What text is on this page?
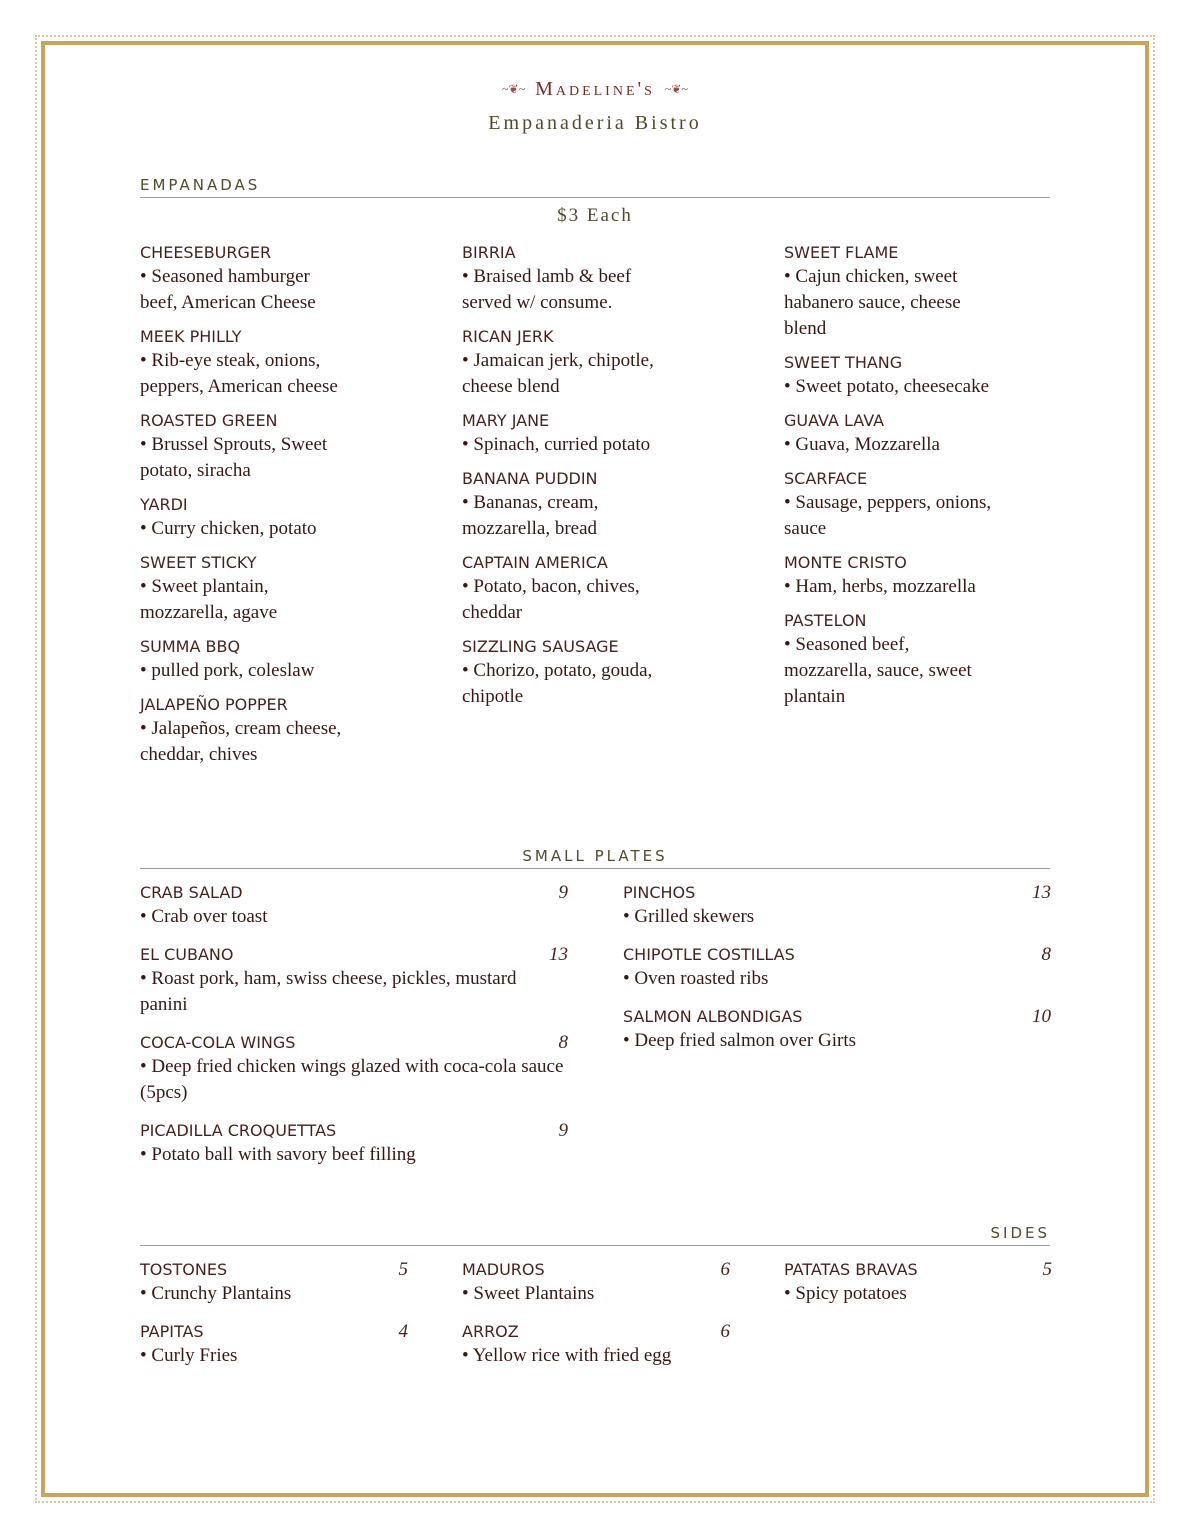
~❦~ Madeline's ~❦~
Empanaderia Bistro
EMPANADAS
$3 Each
CHEESEBURGER
• Seasoned hamburger beef, American Cheese
MEEK PHILLY
• Rib-eye steak, onions, peppers, American cheese
ROASTED GREEN
• Brussel Sprouts, Sweet potato, siracha
YARDI
• Curry chicken, potato
SWEET STICKY
• Sweet plantain, mozzarella, agave
SUMMA BBQ
• pulled pork, coleslaw
JALAPEÑO POPPER
• Jalapeños, cream cheese, cheddar, chives
BIRRIA
• Braised lamb & beef served w/ consume.
RICAN JERK
• Jamaican jerk, chipotle, cheese blend
MARY JANE
• Spinach, curried potato
BANANA PUDDIN
• Bananas, cream, mozzarella, bread
CAPTAIN AMERICA
• Potato, bacon, chives, cheddar
SIZZLING SAUSAGE
• Chorizo, potato, gouda, chipotle
SWEET FLAME
• Cajun chicken, sweet habanero sauce, cheese blend
SWEET THANG
• Sweet potato, cheesecake
GUAVA LAVA
• Guava, Mozzarella
SCARFACE
• Sausage, peppers, onions, sauce
MONTE CRISTO
• Ham, herbs, mozzarella
PASTELON
• Seasoned beef, mozzarella, sauce, sweet plantain
SMALL PLATES
CRAB SALAD	9
• Crab over toast
EL CUBANO	13
• Roast pork, ham, swiss cheese, pickles, mustard panini
COCA-COLA WINGS	8
• Deep fried chicken wings glazed with coca-cola sauce (5pcs)
PICADILLA CROQUETTAS	9
• Potato ball with savory beef filling
PINCHOS	13
• Grilled skewers
CHIPOTLE COSTILLAS	8
• Oven roasted ribs
SALMON ALBONDIGAS	10
• Deep fried salmon over Girts
SIDES
TOSTONES	5
• Crunchy Plantains
PAPITAS	4
• Curly Fries
MADUROS	6
• Sweet Plantains
ARROZ	6
• Yellow rice with fried egg
PATATAS BRAVAS	5
• Spicy potatoes
